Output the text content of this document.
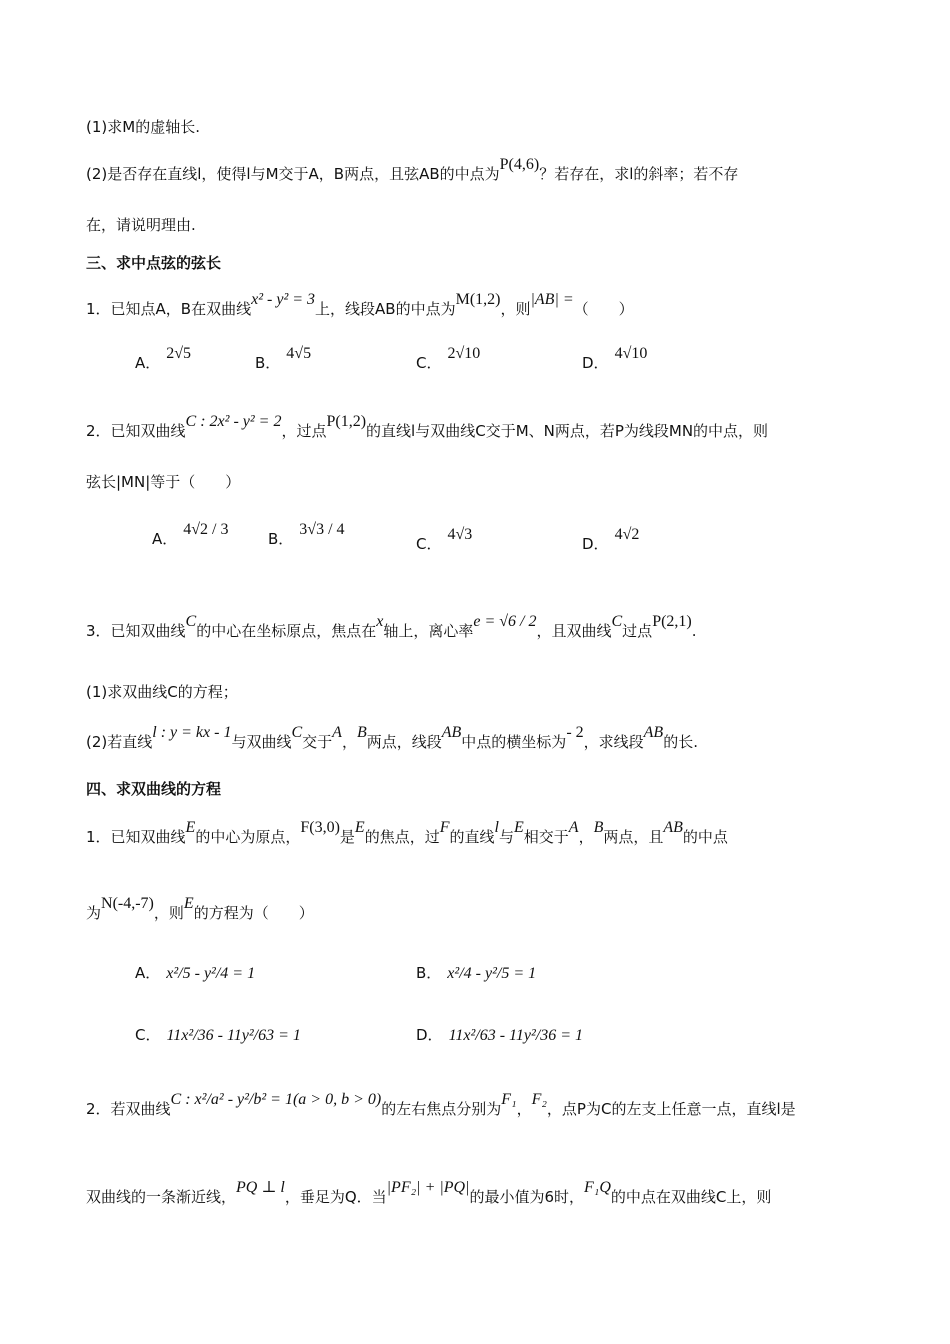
(1)求M的虚轴长.
(2)是否存在直线l，使得l与M交于A，B两点，且弦AB的中点为P(4,6)？若存在，求l的斜率；若不存
在，请说明理由.
三、求中点弦的弦长
1．已知点A，B在双曲线x² - y² = 3上，线段AB的中点为M(1,2)，则|AB| =（　　）
A．2√5
B．4√5
C．2√10
D．4√10
2．已知双曲线C : 2x² - y² = 2，过点P(1,2)的直线l与双曲线C交于M、N两点，若P为线段MN的中点，则
弦长|MN|等于（　　）
A．4√2 / 3
B．3√3 / 4
C．4√3
D．4√2
3．已知双曲线C的中心在坐标原点，焦点在x轴上，离心率e = √6 / 2，且双曲线C过点P(2,1).
(1)求双曲线C的方程；
(2)若直线l : y = kx - 1与双曲线C交于A，B两点，线段AB中点的横坐标为- 2，求线段AB的长.
四、求双曲线的方程
1．已知双曲线E的中心为原点，F(3,0)是E的焦点，过F的直线l与E相交于A，B两点，且AB的中点
为N(-4,-7)，则E的方程为（　　）
A． x²/5 - y²/4 = 1	B． x²/4 - y²/5 = 1
C． 11x²/36 - 11y²/63 = 1	D． 11x²/63 - 11y²/36 = 1
2．若双曲线C : x²/a² - y²/b² = 1(a > 0, b > 0)的左右焦点分别为F₁，F₂，点P为C的左支上任意一点，直线l是
双曲线的一条渐近线，PQ ⊥ l，垂足为Q．当|PF₂| + |PQ|的最小值为6时，F₁Q的中点在双曲线C上，则
